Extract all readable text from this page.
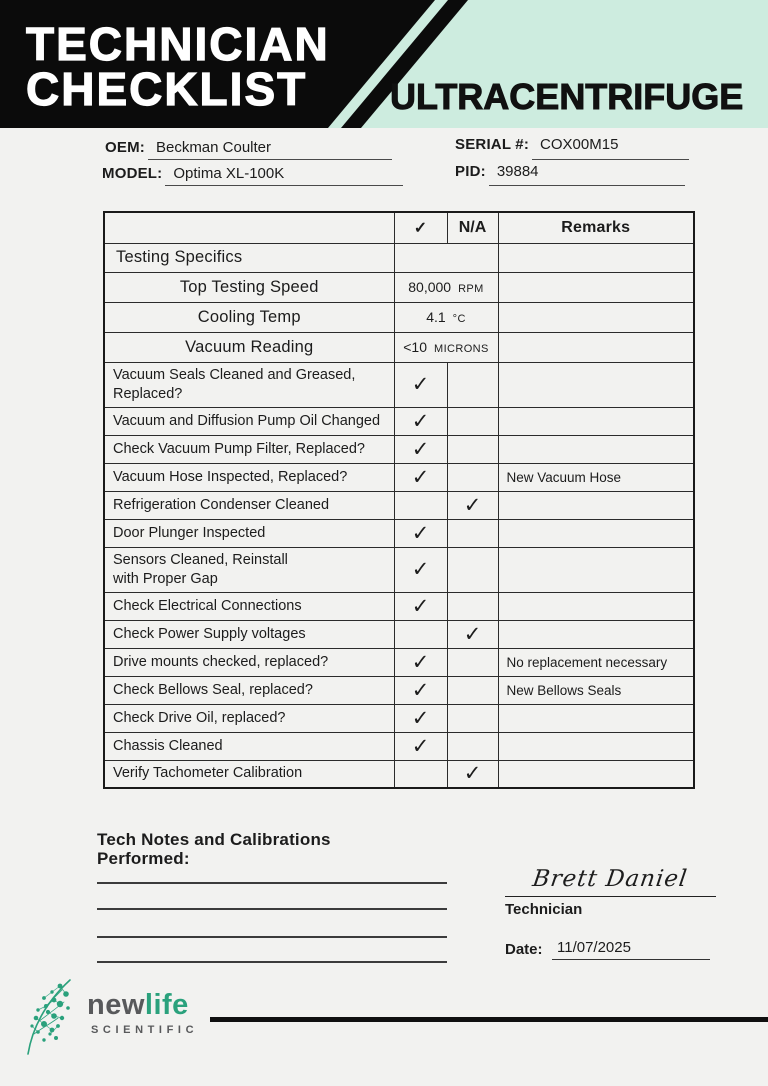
TECHNICIAN
CHECKLIST	ULTRACENTRIFUGE
OEM: Beckman Coulter
MODEL: Optima XL-100K
SERIAL #: COX00M15
PID: 39884
	✓	N/A	Remarks
Testing Specifics			
Top Testing Speed	80,000 RPM		
Cooling Temp	4.1 °C		
Vacuum Reading	<10 MICRONS		

Vacuum Seals Cleaned and Greased,
Replaced?	✓		
Vacuum and Diffusion Pump Oil Changed	✓		
Check Vacuum Pump Filter, Replaced?	✓		
Vacuum Hose Inspected, Replaced?	✓		New Vacuum Hose
Refrigeration Condenser Cleaned		✓	
Door Plunger Inspected	✓		

Sensors Cleaned, Reinstall
with Proper Gap	✓		
Check Electrical Connections	✓		
Check Power Supply voltages		✓	
Drive mounts checked, replaced?	✓		No replacement necessary
Check Bellows Seal, replaced?	✓		New Bellows Seals
Check Drive Oil, replaced?	✓		
Chassis Cleaned	✓		
Verify Tachometer Calibration		✓	
Tech Notes and Calibrations
Performed:
Brett Daniel
Technician
Date: 11/07/2025
newlife
SCIENTIFIC
